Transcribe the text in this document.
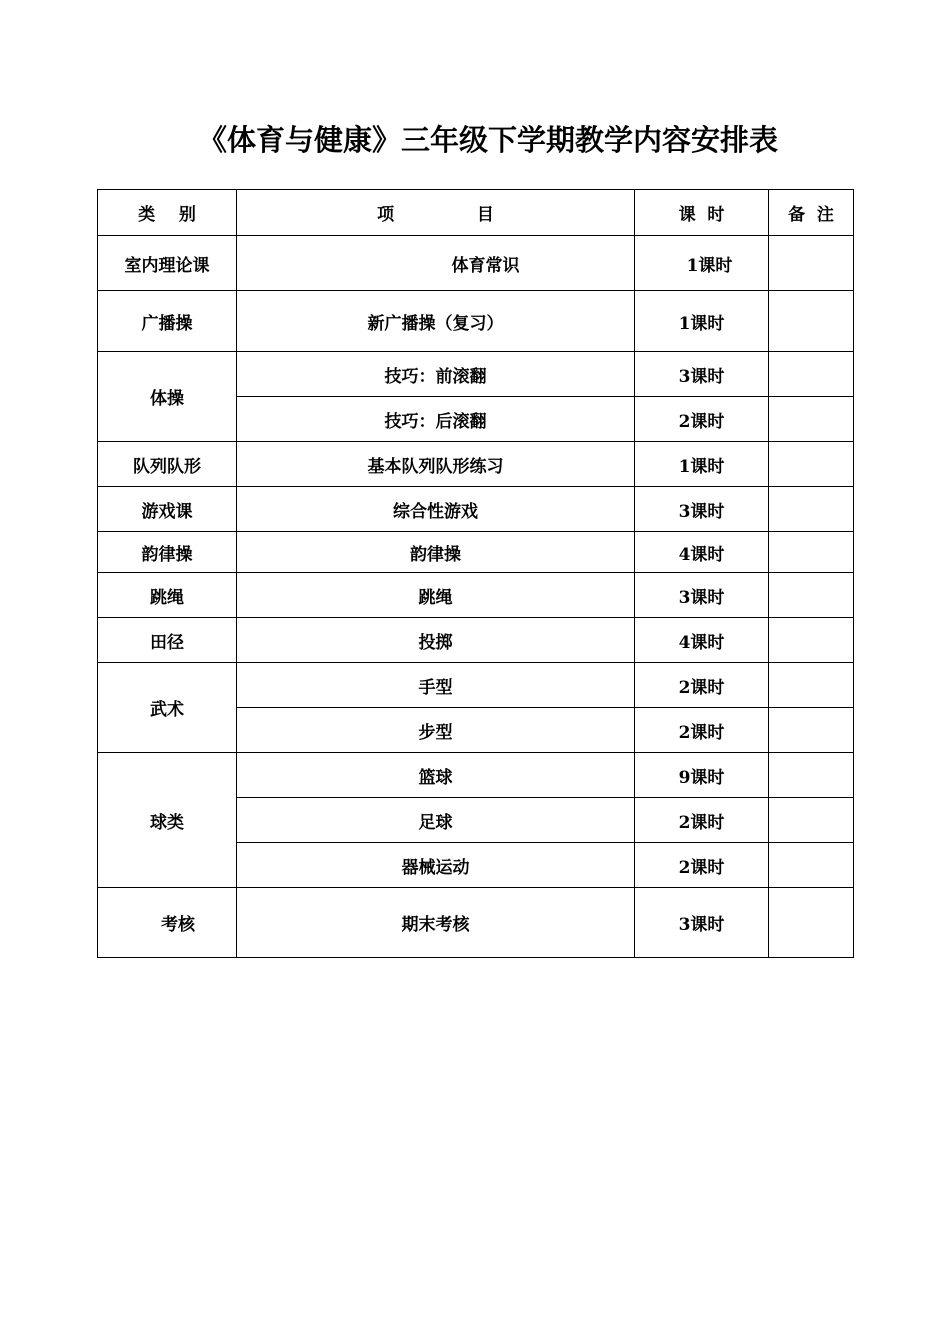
《体育与健康》三年级下学期教学内容安排表
类    别	项              目	课  时	备  注
室内理论课	体育常识	1课时	
广播操	新广播操（复习）	1课时	
体操	技巧：前滚翻	3课时	
	技巧：后滚翻	2课时	
队列队形	基本队列队形练习	1课时	
游戏课	综合性游戏	3课时	
韵律操	韵律操	4课时	
跳绳	跳绳	3课时	
田径	投掷	4课时	
武术	手型	2课时	
	步型	2课时	
球类	篮球	9课时	
	足球	2课时	
	器械运动	2课时	
考核	期末考核	3课时	
